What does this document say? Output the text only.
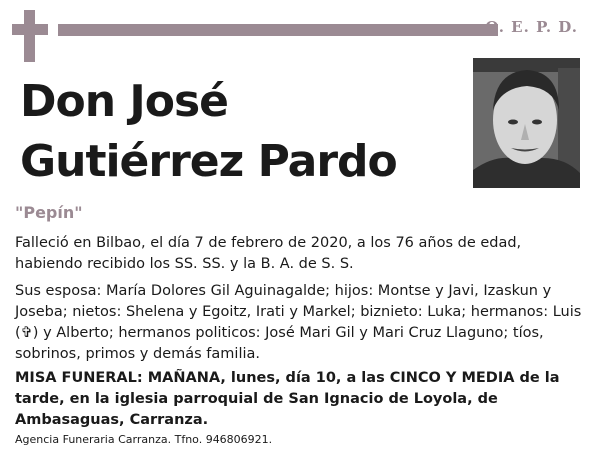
Q. E. P. D.
Don José
Gutiérrez Pardo
"Pepín"

Falleció en Bilbao, el día 7 de febrero de 2020, a los 76 años de edad, habiendo recibido los SS. SS. y la B. A. de S. S.

Sus esposa: María Dolores Gil Aguinagalde; hijos: Montse y Javi, Izaskun y Joseba; nietos: Shelena y Egoitz, Irati y Markel; biznieto: Luka; hermanos: Luis (✞) y Alberto; hermanos politicos: José Mari Gil y Mari Cruz Llaguno; tíos, sobrinos, primos y demás familia.

MISA FUNERAL: MAÑANA, lunes, día 10, a las CINCO Y MEDIA de la tarde, en la iglesia parroquial de San Ignacio de Loyola, de Ambasaguas, Carranza.

Agencia Funeraria Carranza. Tfno. 946806921.
